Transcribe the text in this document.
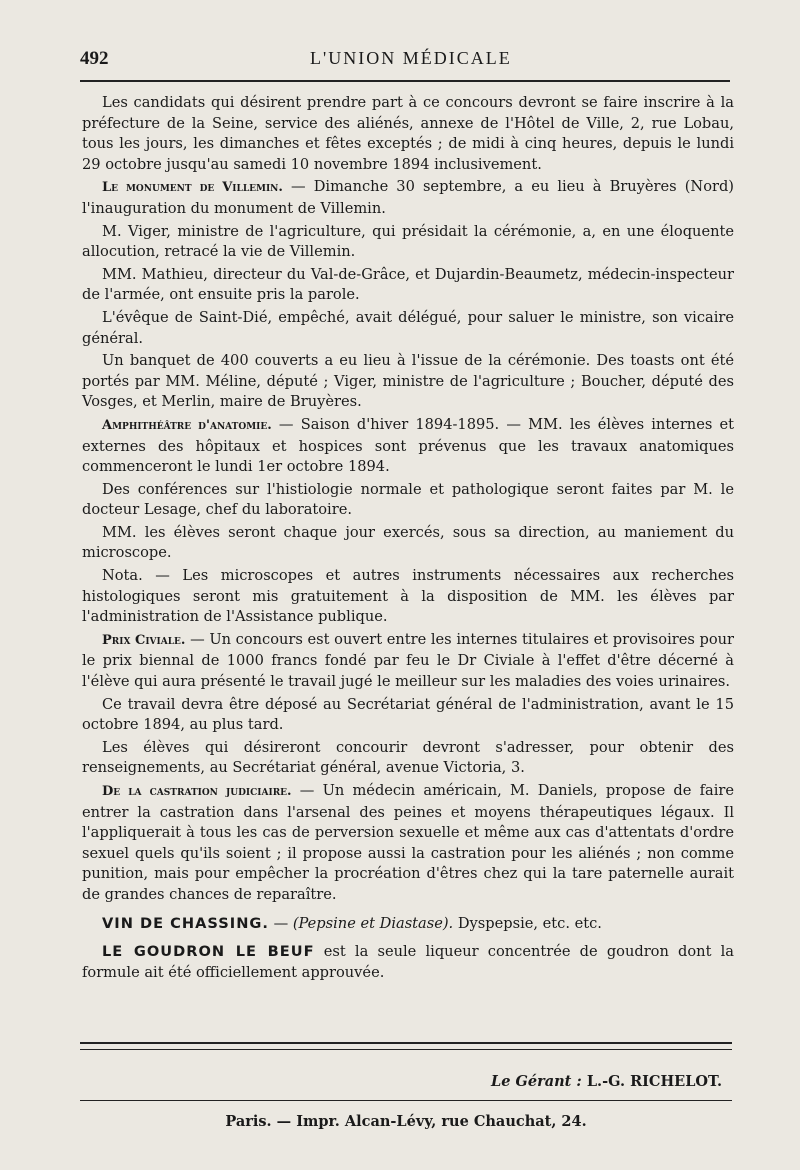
492	L'UNION MÉDICALE

Les candidats qui désirent prendre part à ce concours devront se faire inscrire à la préfecture de la Seine, service des aliénés, annexe de l'Hôtel de Ville, 2, rue Lobau, tous les jours, les dimanches et fêtes exceptés ; de midi à cinq heures, depuis le lundi 29 octobre jusqu'au samedi 10 novembre 1894 inclusivement.

Le monument de Villemin. — Dimanche 30 septembre, a eu lieu à Bruyères (Nord) l'inauguration du monument de Villemin.

M. Viger, ministre de l'agriculture, qui présidait la cérémonie, a, en une éloquente allocution, retracé la vie de Villemin.

MM. Mathieu, directeur du Val-de-Grâce, et Dujardin-Beaumetz, médecin-inspecteur de l'armée, ont ensuite pris la parole.

L'évêque de Saint-Dié, empêché, avait délégué, pour saluer le ministre, son vicaire général.

Un banquet de 400 couverts a eu lieu à l'issue de la cérémonie. Des toasts ont été portés par MM. Méline, député ; Viger, ministre de l'agriculture ; Boucher, député des Vosges, et Merlin, maire de Bruyères.

Amphithéâtre d'anatomie. — Saison d'hiver 1894-1895. — MM. les élèves internes et externes des hôpitaux et hospices sont prévenus que les travaux anatomiques commenceront le lundi 1er octobre 1894.

Des conférences sur l'histiologie normale et pathologique seront faites par M. le docteur Lesage, chef du laboratoire.

MM. les élèves seront chaque jour exercés, sous sa direction, au maniement du microscope.

Nota. — Les microscopes et autres instruments nécessaires aux recherches histologiques seront mis gratuitement à la disposition de MM. les élèves par l'administration de l'Assistance publique.

Prix Civiale. — Un concours est ouvert entre les internes titulaires et provisoires pour le prix biennal de 1000 francs fondé par feu le Dr Civiale à l'effet d'être décerné à l'élève qui aura présenté le travail jugé le meilleur sur les maladies des voies urinaires.

Ce travail devra être déposé au Secrétariat général de l'administration, avant le 15 octobre 1894, au plus tard.

Les élèves qui désireront concourir devront s'adresser, pour obtenir des renseignements, au Secrétariat général, avenue Victoria, 3.

De la castration judiciaire. — Un médecin américain, M. Daniels, propose de faire entrer la castration dans l'arsenal des peines et moyens thérapeutiques légaux. Il l'appliquerait à tous les cas de perversion sexuelle et même aux cas d'attentats d'ordre sexuel quels qu'ils soient ; il propose aussi la castration pour les aliénés ; non comme punition, mais pour empêcher la procréation d'êtres chez qui la tare paternelle aurait de grandes chances de reparaître.

VIN DE CHASSING. — (Pepsine et Diastase). Dyspepsie, etc. etc.

LE GOUDRON LE BEUF est la seule liqueur concentrée de goudron dont la formule ait été officiellement approuvée.

Le Gérant : L.-G. RICHELOT.
Paris. — Impr. Alcan-Lévy, rue Chauchat, 24.
